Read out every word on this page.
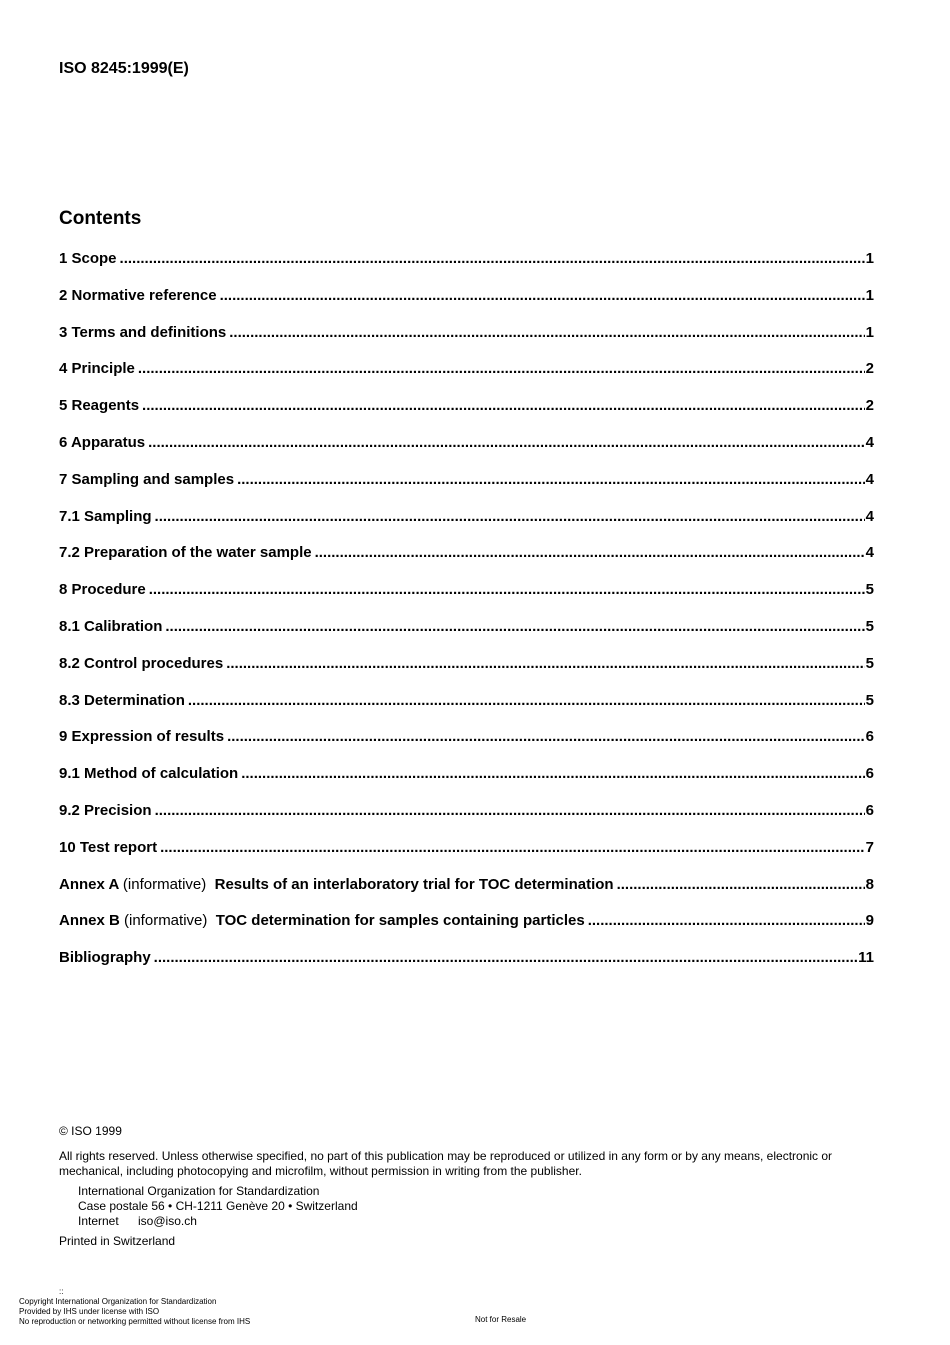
ISO 8245:1999(E)
Contents
1 Scope .....	1
2 Normative reference .....	1
3 Terms and definitions .....	1
4 Principle .....	2
5 Reagents .....	2
6 Apparatus .....	4
7 Sampling and samples .....	4
7.1 Sampling .....	4
7.2 Preparation of the water sample .....	4
8 Procedure .....	5
8.1 Calibration .....	5
8.2 Control procedures .....	5
8.3 Determination .....	5
9 Expression of results .....	6
9.1 Method of calculation .....	6
9.2 Precision .....	6
10 Test report .....	7
Annex A (informative) Results of an interlaboratory trial for TOC determination .....	8
Annex B (informative) TOC determination for samples containing particles .....	9
Bibliography .....	11
© ISO 1999
All rights reserved. Unless otherwise specified, no part of this publication may be reproduced or utilized in any form or by any means, electronic or mechanical, including photocopying and microfilm, without permission in writing from the publisher.
International Organization for Standardization
Case postale 56 • CH-1211 Genève 20 • Switzerland
Internet iso@iso.ch
Printed in Switzerland
::
Copyright International Organization for Standardization
Provided by IHS under license with ISO
No reproduction or networking permitted without license from IHS	Not for Resale
